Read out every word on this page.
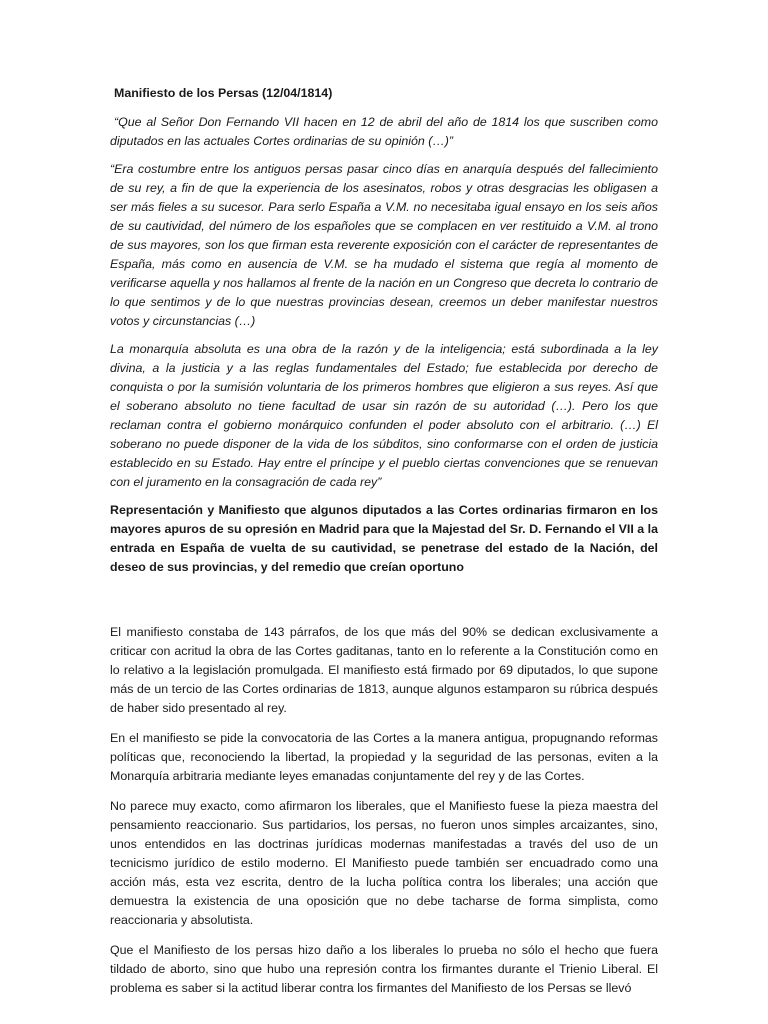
Manifiesto de los Persas (12/04/1814)

“Que al Señor Don Fernando VII hacen en 12 de abril del año de 1814 los que suscriben como diputados en las actuales Cortes ordinarias de su opinión (…)”

“Era costumbre entre los antiguos persas pasar cinco días en anarquía después del fallecimiento de su rey, a fin de que la experiencia de los asesinatos, robos y otras desgracias les obligasen a ser más fieles a su sucesor. Para serlo España a V.M. no necesitaba igual ensayo en los seis años de su cautividad, del número de los españoles que se complacen en ver restituido a V.M. al trono de sus mayores, son los que firman esta reverente exposición con el carácter de representantes de España, más como en ausencia de V.M. se ha mudado el sistema que regía al momento de verificarse aquella y nos hallamos al frente de la nación en un Congreso que decreta lo contrario de lo que sentimos y de lo que nuestras provincias desean, creemos un deber manifestar nuestros votos y circunstancias (…)

La monarquía absoluta es una obra de la razón y de la inteligencia; está subordinada a la ley divina, a la justicia y a las reglas fundamentales del Estado; fue establecida por derecho de conquista o por la sumisión voluntaria de los primeros hombres que eligieron a sus reyes. Así que el soberano absoluto no tiene facultad de usar sin razón de su autoridad (…). Pero los que reclaman contra el gobierno monárquico confunden el poder absoluto con el arbitrario. (…) El soberano no puede disponer de la vida de los súbditos, sino conformarse con el orden de justicia establecido en su Estado. Hay entre el príncipe y el pueblo ciertas convenciones que se renuevan con el juramento en la consagración de cada rey”

Representación y Manifiesto que algunos diputados a las Cortes ordinarias firmaron en los mayores apuros de su opresión en Madrid para que la Majestad del Sr. D. Fernando el VII a la entrada en España de vuelta de su cautividad, se penetrase del estado de la Nación, del deseo de sus provincias, y del remedio que creían oportuno

El manifiesto constaba de 143 párrafos, de los que más del 90% se dedican exclusivamente a criticar con acritud la obra de las Cortes gaditanas, tanto en lo referente a la Constitución como en lo relativo a la legislación promulgada. El manifiesto está firmado por 69 diputados, lo que supone más de un tercio de las Cortes ordinarias de 1813, aunque algunos estamparon su rúbrica después de haber sido presentado al rey.

En el manifiesto se pide la convocatoria de las Cortes a la manera antigua, propugnando reformas políticas que, reconociendo la libertad, la propiedad y la seguridad de las personas, eviten a la Monarquía arbitraria mediante leyes emanadas conjuntamente del rey y de las Cortes.

No parece muy exacto, como afirmaron los liberales, que el Manifiesto fuese la pieza maestra del pensamiento reaccionario. Sus partidarios, los persas, no fueron unos simples arcaizantes, sino, unos entendidos en las doctrinas jurídicas modernas manifestadas a través del uso de un tecnicismo jurídico de estilo moderno. El Manifiesto puede también ser encuadrado como una acción más, esta vez escrita, dentro de la lucha política contra los liberales; una acción que demuestra la existencia de una oposición que no debe tacharse de forma simplista, como reaccionaria y absolutista.

Que el Manifiesto de los persas hizo daño a los liberales lo prueba no sólo el hecho que fuera tildado de aborto, sino que hubo una represión contra los firmantes durante el Trienio Liberal. El problema es saber si la actitud liberar contra los firmantes del Manifiesto de los Persas se llevó
